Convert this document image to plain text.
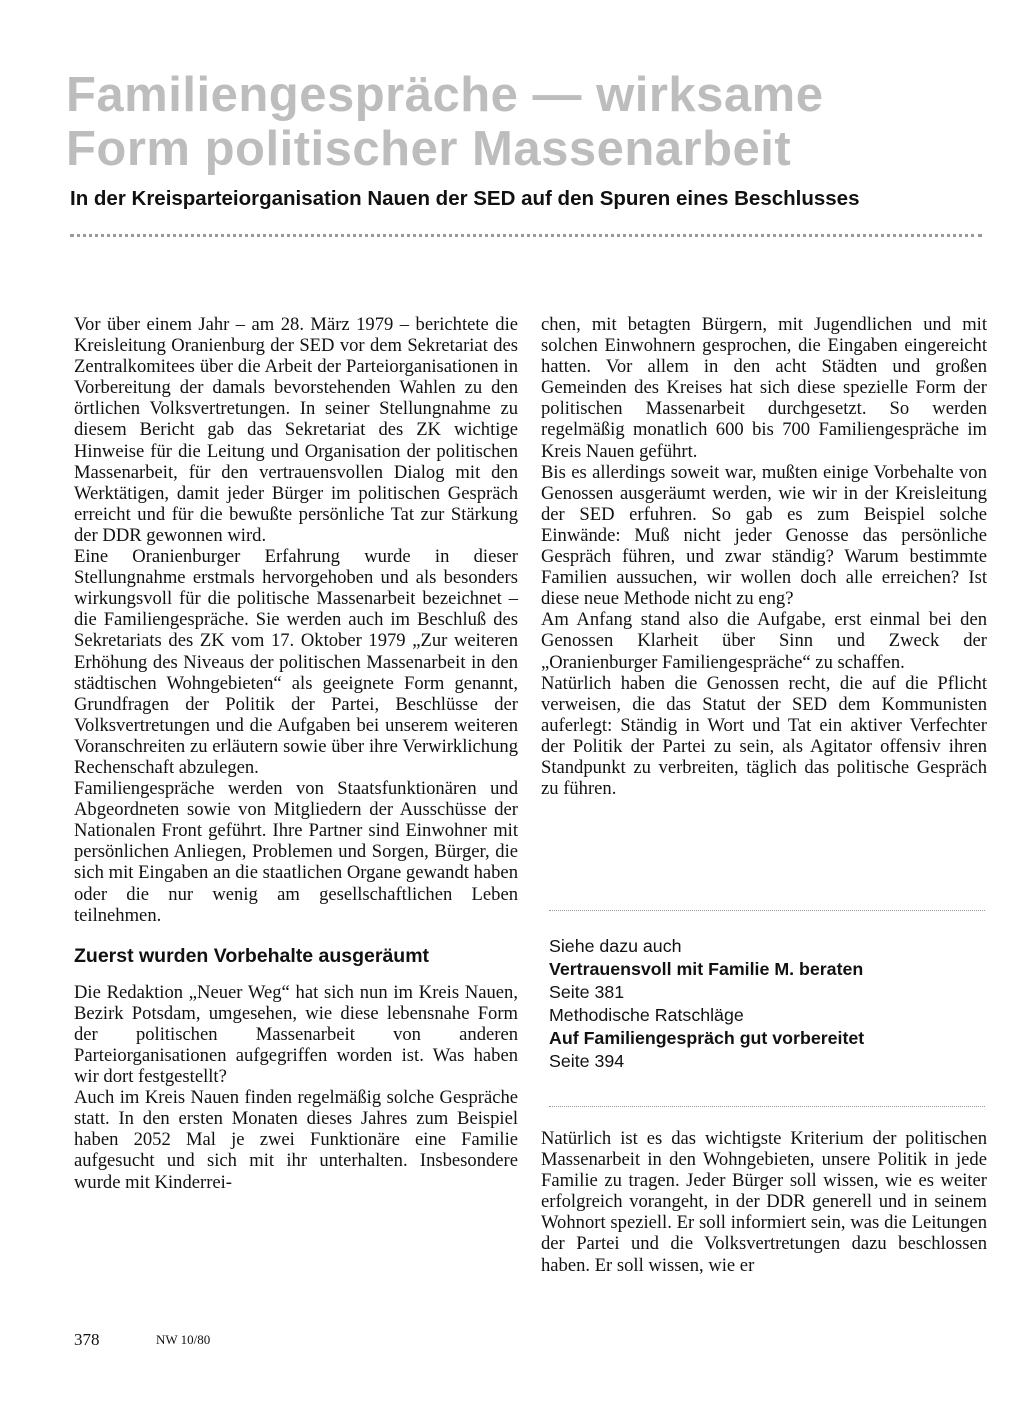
Familiengespräche — wirksame
Form politischer Massenarbeit
In der Kreisparteiorganisation Nauen der SED auf den Spuren eines Beschlusses

Vor über einem Jahr – am 28. März 1979 – berichtete die Kreisleitung Oranienburg der SED vor dem Sekretariat des Zentralkomitees über die Arbeit der Parteiorganisationen in Vorbereitung der damals bevorstehenden Wahlen zu den örtlichen Volksvertretungen. In seiner Stellungnahme zu diesem Bericht gab das Sekretariat des ZK wichtige Hinweise für die Leitung und Organisation der politischen Massenarbeit, für den vertrauensvollen Dialog mit den Werktätigen, damit jeder Bürger im politischen Gespräch erreicht und für die bewußte persönliche Tat zur Stärkung der DDR gewonnen wird.

Eine Oranienburger Erfahrung wurde in dieser Stellungnahme erstmals hervorgehoben und als besonders wirkungsvoll für die politische Massenarbeit bezeichnet – die Familiengespräche. Sie werden auch im Beschluß des Sekretariats des ZK vom 17. Oktober 1979 „Zur weiteren Erhöhung des Niveaus der politischen Massenarbeit in den städtischen Wohngebieten“ als geeignete Form genannt, Grundfragen der Politik der Partei, Beschlüsse der Volksvertretungen und die Aufgaben bei unserem weiteren Voranschreiten zu erläutern sowie über ihre Verwirklichung Rechenschaft abzulegen.

Familiengespräche werden von Staatsfunktionären und Abgeordneten sowie von Mitgliedern der Ausschüsse der Nationalen Front geführt. Ihre Partner sind Einwohner mit persönlichen Anliegen, Problemen und Sorgen, Bürger, die sich mit Eingaben an die staatlichen Organe gewandt haben oder die nur wenig am gesellschaftlichen Leben teilnehmen.

Zuerst wurden Vorbehalte ausgeräumt

Die Redaktion „Neuer Weg“ hat sich nun im Kreis Nauen, Bezirk Potsdam, umgesehen, wie diese lebensnahe Form der politischen Massenarbeit von anderen Parteiorganisationen aufgegriffen worden ist. Was haben wir dort festgestellt?

Auch im Kreis Nauen finden regelmäßig solche Gespräche statt. In den ersten Monaten dieses Jahres zum Beispiel haben 2052 Mal je zwei Funktionäre eine Familie aufgesucht und sich mit ihr unterhalten. Insbesondere wurde mit Kinderrei-

chen, mit betagten Bürgern, mit Jugendlichen und mit solchen Einwohnern gesprochen, die Eingaben eingereicht hatten. Vor allem in den acht Städten und großen Gemeinden des Kreises hat sich diese spezielle Form der politischen Massenarbeit durchgesetzt. So werden regelmäßig monatlich 600 bis 700 Familiengespräche im Kreis Nauen geführt.

Bis es allerdings soweit war, mußten einige Vorbehalte von Genossen ausgeräumt werden, wie wir in der Kreisleitung der SED erfuhren. So gab es zum Beispiel solche Einwände: Muß nicht jeder Genosse das persönliche Gespräch führen, und zwar ständig? Warum bestimmte Familien aussuchen, wir wollen doch alle erreichen? Ist diese neue Methode nicht zu eng?

Am Anfang stand also die Aufgabe, erst einmal bei den Genossen Klarheit über Sinn und Zweck der „Oranienburger Familiengespräche“ zu schaffen.

Natürlich haben die Genossen recht, die auf die Pflicht verweisen, die das Statut der SED dem Kommunisten auferlegt: Ständig in Wort und Tat ein aktiver Verfechter der Politik der Partei zu sein, als Agitator offensiv ihren Standpunkt zu verbreiten, täglich das politische Gespräch zu führen.

Siehe dazu auch
Vertrauensvoll mit Familie M. beraten
Seite 381
Methodische Ratschläge
Auf Familiengespräch gut vorbereitet
Seite 394

Natürlich ist es das wichtigste Kriterium der politischen Massenarbeit in den Wohngebieten, unsere Politik in jede Familie zu tragen. Jeder Bürger soll wissen, wie es weiter erfolgreich vorangeht, in der DDR generell und in seinem Wohnort speziell. Er soll informiert sein, was die Leitungen der Partei und die Volksvertretungen dazu beschlossen haben. Er soll wissen, wie er

378	NW 10/80
